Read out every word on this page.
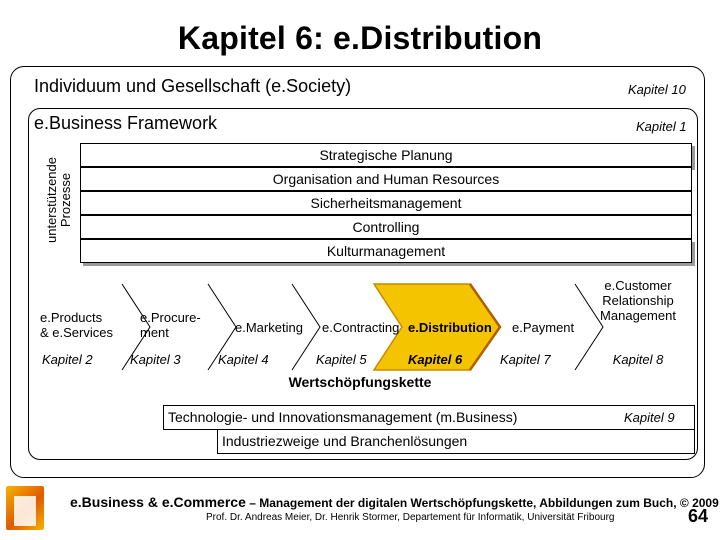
Kapitel 6: e.Distribution
Individuum und Gesellschaft (e.Society)	Kapitel 10
e.Business Framework	Kapitel 1
unterstützende Prozesse
Strategische Planung
Organisation and Human Resources
Sicherheitsmanagement
Controlling
Kulturmanagement
e.Products
& e.Services
Kapitel 2
e.Procure-
ment
Kapitel 3
e.Marketing
Kapitel 4
e.Contracting
Kapitel 5
e.Distribution
Kapitel 6
e.Payment
Kapitel 7
e.Customer
Relationship
Management
Kapitel 8
Wertschöpfungskette
Technologie- und Innovationsmanagement (m.Business)	Kapitel 9
Industriezweige und Branchenlösungen
e.Business & e.Commerce – Management der digitalen Wertschöpfungskette, Abbildungen zum Buch, © 2009
Prof. Dr. Andreas Meier, Dr. Henrik Stormer, Departement für Informatik, Universität Fribourg	64
